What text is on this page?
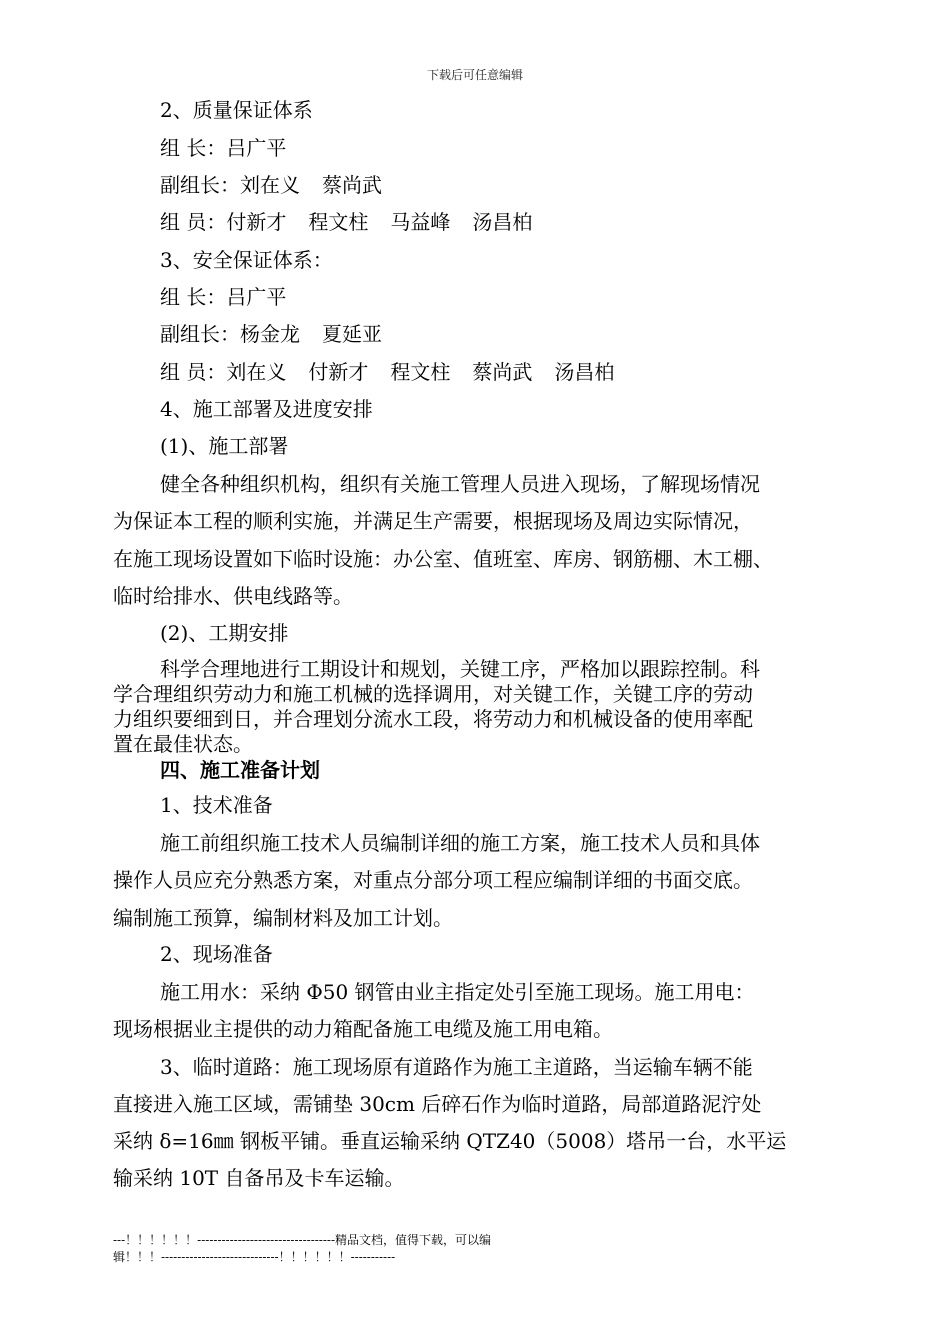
下载后可任意编辑
2、质量保证体系
组 长：吕广平
副组长：刘在义 蔡尚武
组 员：付新才 程文柱 马益峰 汤昌柏
3、安全保证体系：
组 长：吕广平
副组长：杨金龙 夏延亚
组 员：刘在义 付新才 程文柱 蔡尚武 汤昌柏
4、施工部署及进度安排
(1)、施工部署
健全各种组织机构，组织有关施工管理人员进入现场，了解现场情况
为保证本工程的顺利实施，并满足生产需要，根据现场及周边实际情况，
在施工现场设置如下临时设施：办公室、值班室、库房、钢筋棚、木工棚、
临时给排水、供电线路等。
(2)、工期安排
科学合理地进行工期设计和规划，关键工序，严格加以跟踪控制。科
学合理组织劳动力和施工机械的选择调用，对关键工作，关键工序的劳动
力组织要细到日，并合理划分流水工段，将劳动力和机械设备的使用率配
置在最佳状态。
四、施工准备计划
1、技术准备
施工前组织施工技术人员编制详细的施工方案，施工技术人员和具体
操作人员应充分熟悉方案，对重点分部分项工程应编制详细的书面交底。
编制施工预算，编制材料及加工计划。
2、现场准备
施工用水：采纳 Φ50 钢管由业主指定处引至施工现场。施工用电：
现场根据业主提供的动力箱配备施工电缆及施工用电箱。
3、临时道路：施工现场原有道路作为施工主道路，当运输车辆不能
直接进入施工区域，需铺垫 30cm 后碎石作为临时道路，局部道路泥泞处
采纳 δ=16㎜ 钢板平铺。垂直运输采纳 QTZ40（5008）塔吊一台，水平运
输采纳 10T 自备吊及卡车运输。
---！！！！！！----------------------------------精品文档，值得下载，可以编
辑！！！-----------------------------！！！！！！-----------
